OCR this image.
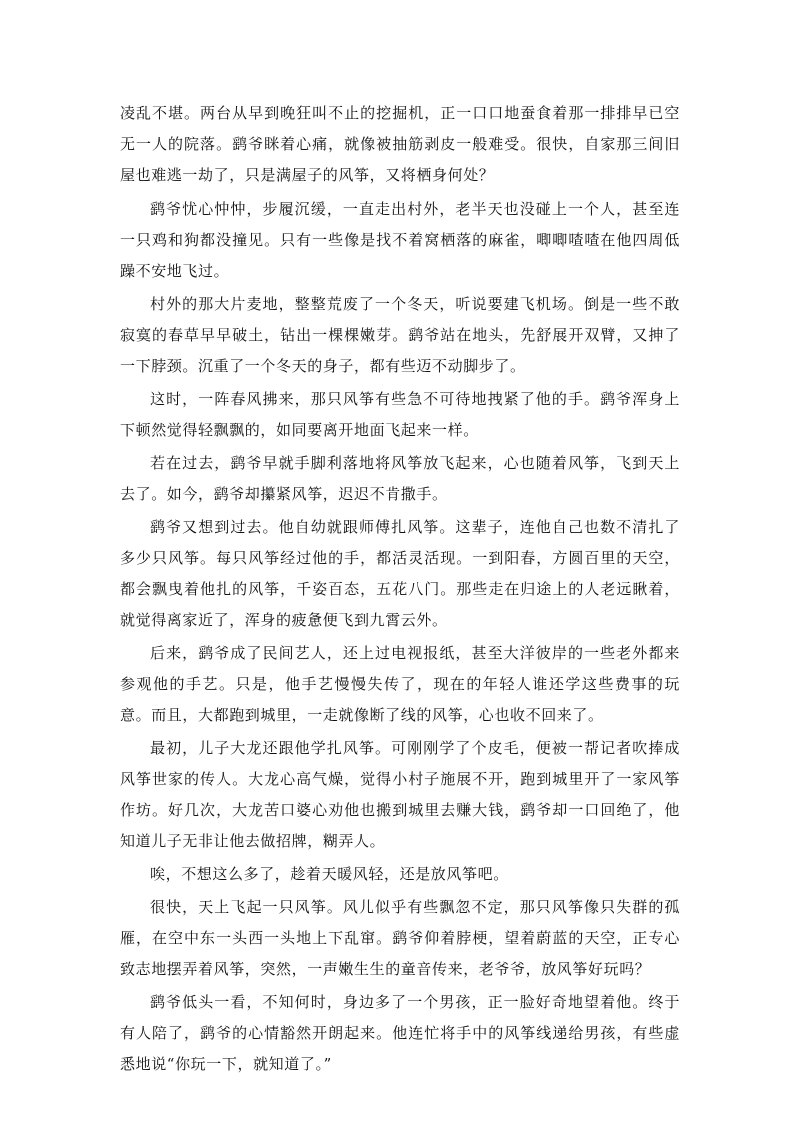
凌乱不堪。两台从早到晚狂叫不止的挖掘机，正一口口地蚕食着那一排排早已空无一人的院落。鹞爷眯着心痛，就像被抽筋剥皮一般难受。很快，自家那三间旧屋也难逃一劫了，只是满屋子的风筝，又将栖身何处？

鹞爷忧心忡忡，步履沉缓，一直走出村外，老半天也没碰上一个人，甚至连一只鸡和狗都没撞见。只有一些像是找不着窝栖落的麻雀，唧唧喳喳在他四周低躁不安地飞过。

村外的那大片麦地，整整荒废了一个冬天，听说要建飞机场。倒是一些不敢寂寞的春草早早破土，钻出一棵棵嫩芽。鹞爷站在地头，先舒展开双臂，又抻了一下脖颈。沉重了一个冬天的身子，都有些迈不动脚步了。

这时，一阵春风拂来，那只风筝有些急不可待地拽紧了他的手。鹞爷浑身上下顿然觉得轻飘飘的，如同要离开地面飞起来一样。

若在过去，鹞爷早就手脚利落地将风筝放飞起来，心也随着风筝，飞到天上去了。如今，鹞爷却攥紧风筝，迟迟不肯撒手。

鹞爷又想到过去。他自幼就跟师傅扎风筝。这辈子，连他自己也数不清扎了多少只风筝。每只风筝经过他的手，都活灵活现。一到阳春，方圆百里的天空，都会飘曳着他扎的风筝，千姿百态，五花八门。那些走在归途上的人老远瞅着，就觉得离家近了，浑身的疲惫便飞到九霄云外。

后来，鹞爷成了民间艺人，还上过电视报纸，甚至大洋彼岸的一些老外都来参观他的手艺。只是，他手艺慢慢失传了，现在的年轻人谁还学这些费事的玩意。而且，大都跑到城里，一走就像断了线的风筝，心也收不回来了。

最初，儿子大龙还跟他学扎风筝。可刚刚学了个皮毛，便被一帮记者吹捧成风筝世家的传人。大龙心高气燥，觉得小村子施展不开，跑到城里开了一家风筝作坊。好几次，大龙苦口婆心劝他也搬到城里去赚大钱，鹞爷却一口回绝了，他知道儿子无非让他去做招牌，糊弄人。

唉，不想这么多了，趁着天暖风轻，还是放风筝吧。

很快，天上飞起一只风筝。风儿似乎有些飘忽不定，那只风筝像只失群的孤雁，在空中东一头西一头地上下乱窜。鹞爷仰着脖梗，望着蔚蓝的天空，正专心致志地摆弄着风筝，突然，一声嫩生生的童音传来，老爷爷，放风筝好玩吗？

鹞爷低头一看，不知何时，身边多了一个男孩，正一脸好奇地望着他。终于有人陪了，鹞爷的心情豁然开朗起来。他连忙将手中的风筝线递给男孩，有些虚悉地说“你玩一下，就知道了。”
